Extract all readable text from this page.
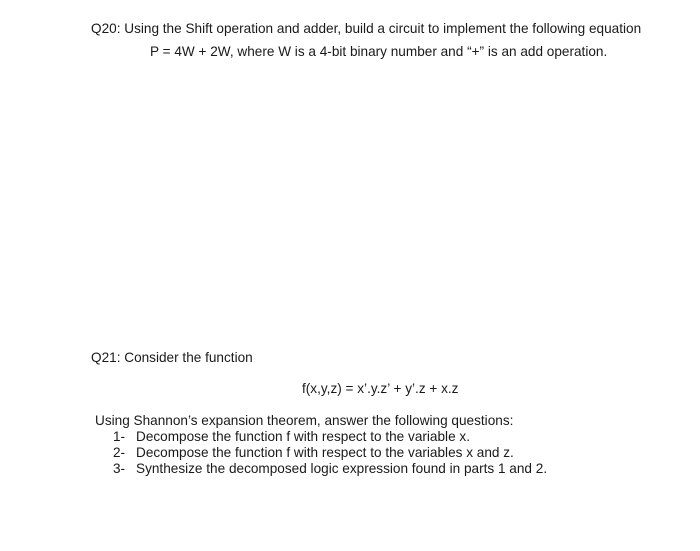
Q20: Using the Shift operation and adder, build a circuit to implement the following equation
P = 4W + 2W, where W is a 4-bit binary number and “+” is an add operation.
Q21: Consider the function
f(x,y,z) = x’.y.z’ + y’.z + x.z
Using Shannon’s expansion theorem, answer the following questions:
1- Decompose the function f with respect to the variable x.
2- Decompose the function f with respect to the variables x and z.
3- Synthesize the decomposed logic expression found in parts 1 and 2.
